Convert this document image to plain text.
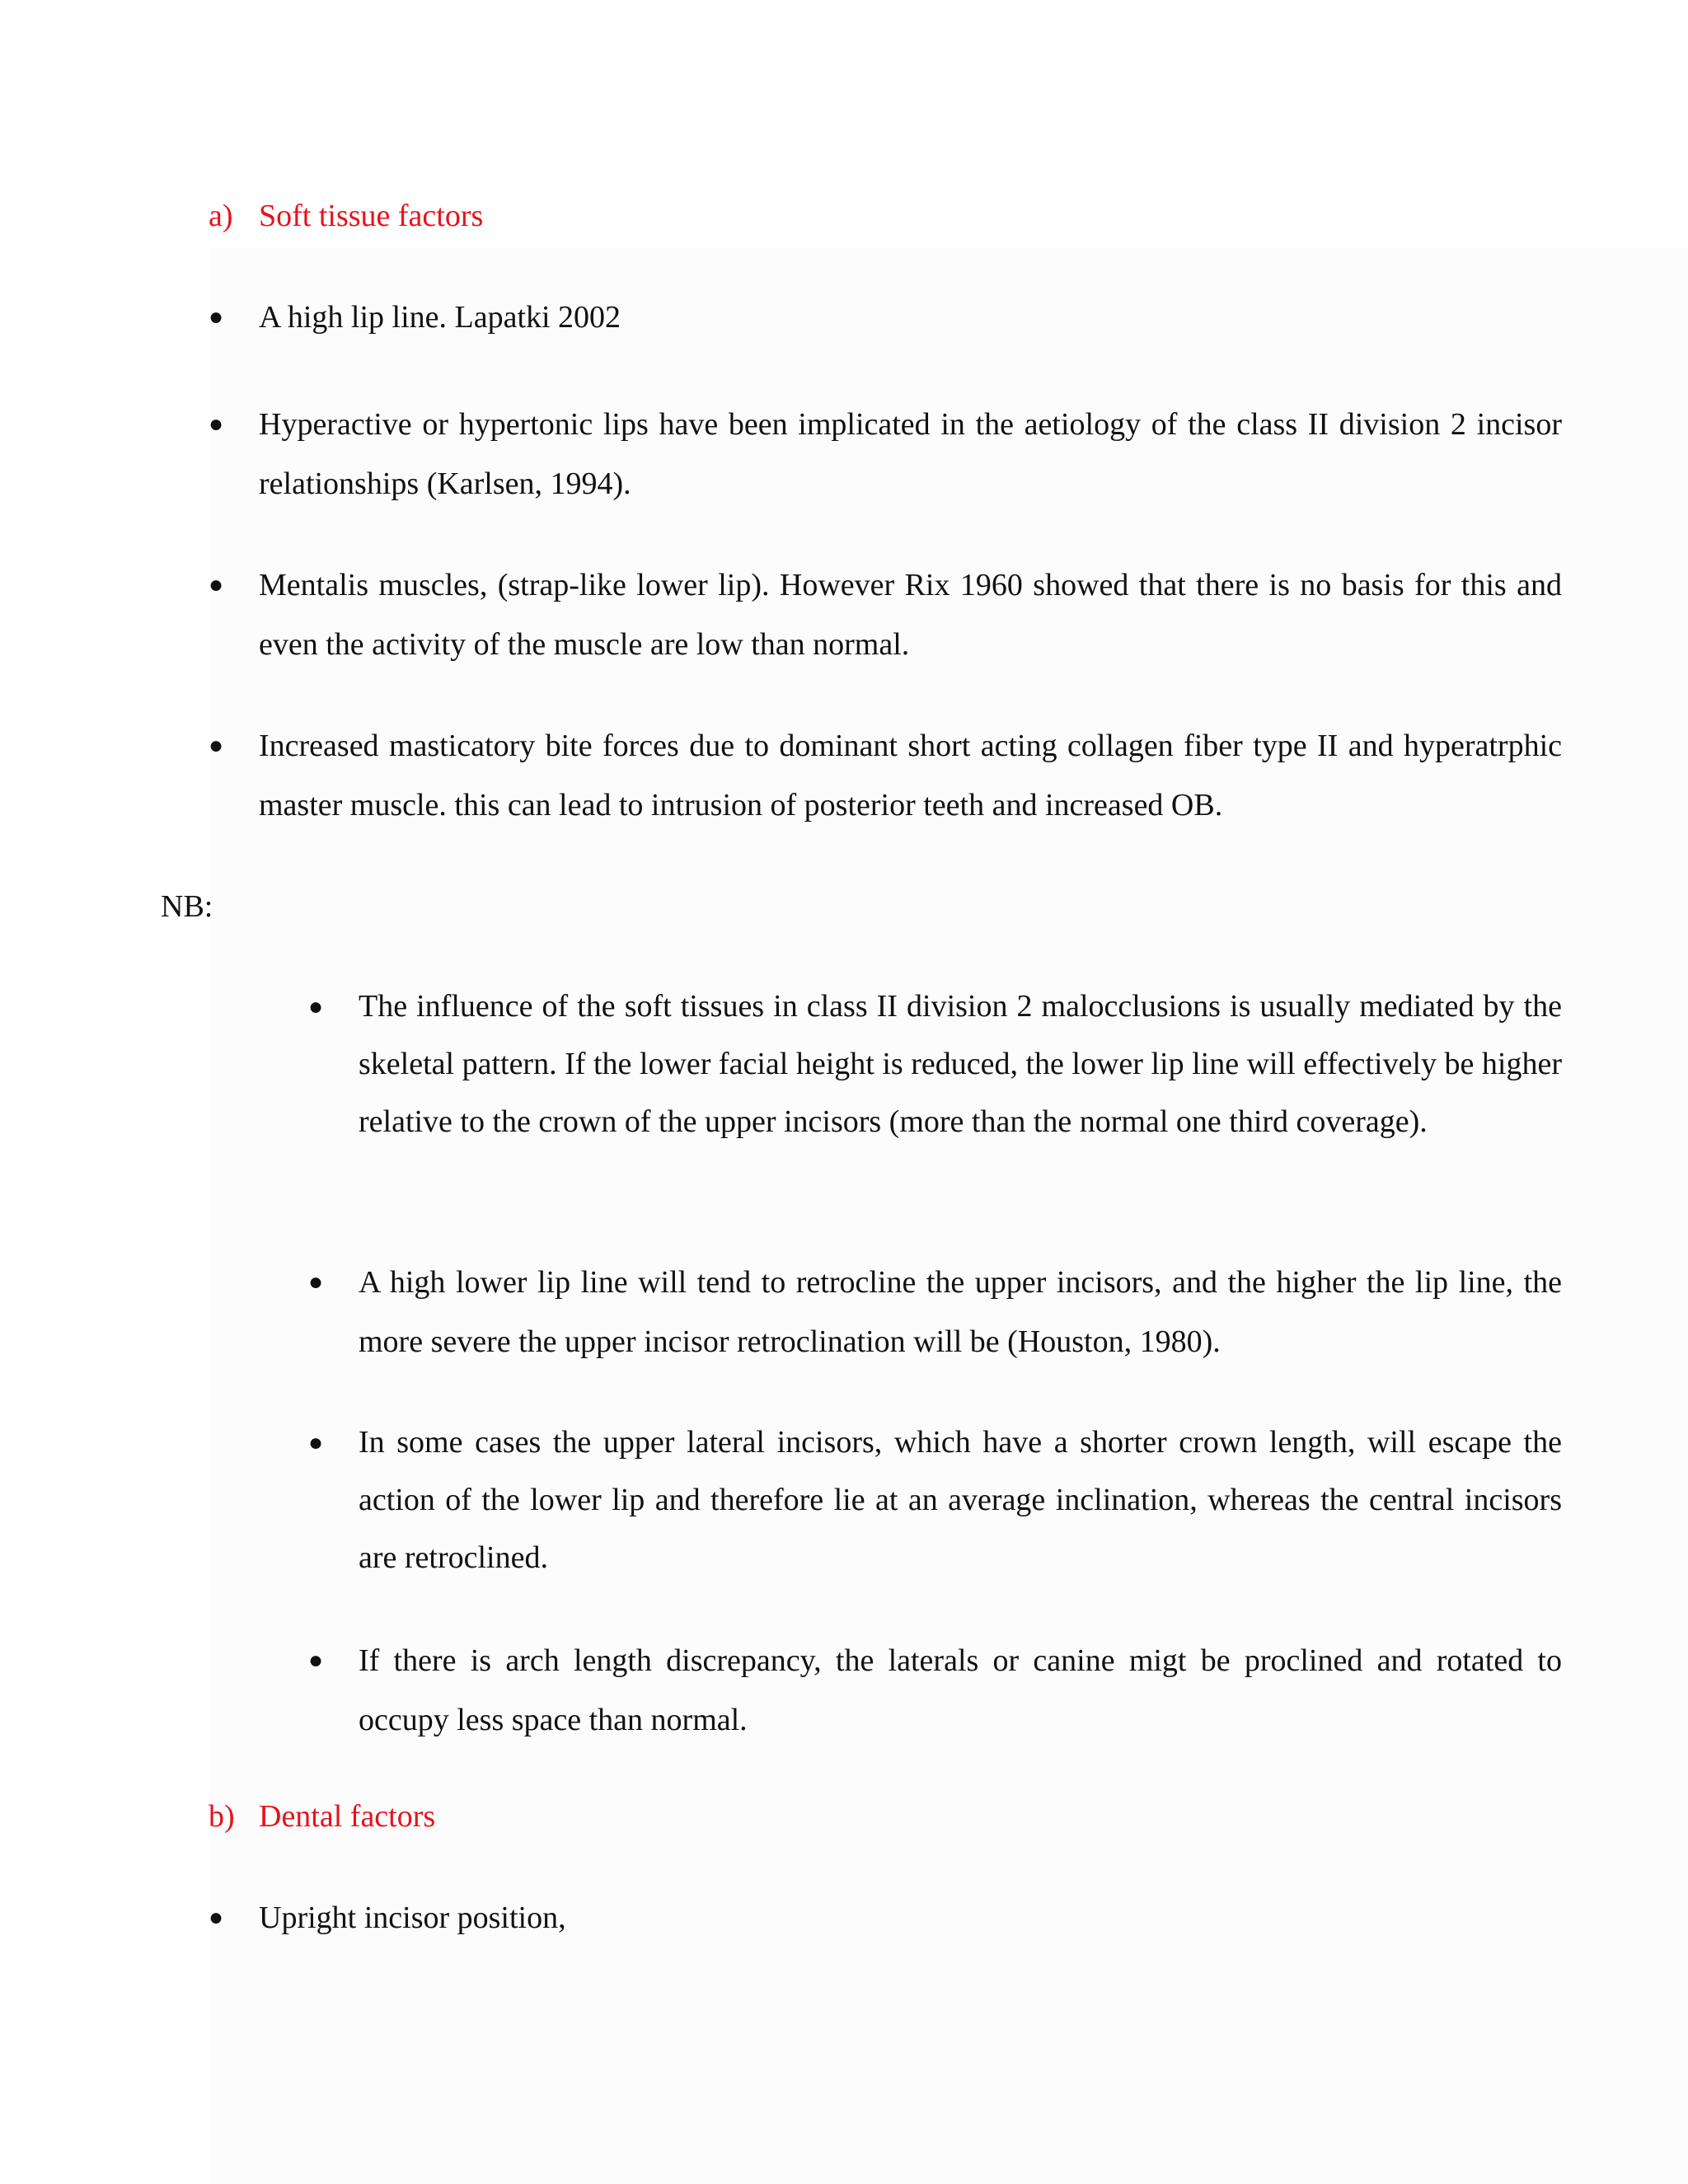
a) Soft tissue factors
●	A high lip line. Lapatki 2002
●	Hyperactive or hypertonic lips have been implicated in the aetiology of the class II division 2 incisor relationships (Karlsen, 1994).
●	Mentalis muscles, (strap-like lower lip). However Rix 1960 showed that there is no basis for this and even the activity of the muscle are low than normal.
●	Increased masticatory bite forces due to dominant short acting collagen fiber type II and hyperatrphic master muscle. this can lead to intrusion of posterior teeth and increased OB.
NB:
●	The influence of the soft tissues in class II division 2 malocclusions is usually mediated by the skeletal pattern. If the lower facial height is reduced, the lower lip line will effectively be higher relative to the crown of the upper incisors (more than the normal one third coverage).
●	A high lower lip line will tend to retrocline the upper incisors, and the higher the lip line, the more severe the upper incisor retroclination will be (Houston, 1980).
●	In some cases the upper lateral incisors, which have a shorter crown length, will escape the action of the lower lip and therefore lie at an average inclination, whereas the central incisors are retroclined.
●	If there is arch length discrepancy, the laterals or canine migt be proclined and rotated to occupy less space than normal.
b) Dental factors
●	Upright incisor position,
